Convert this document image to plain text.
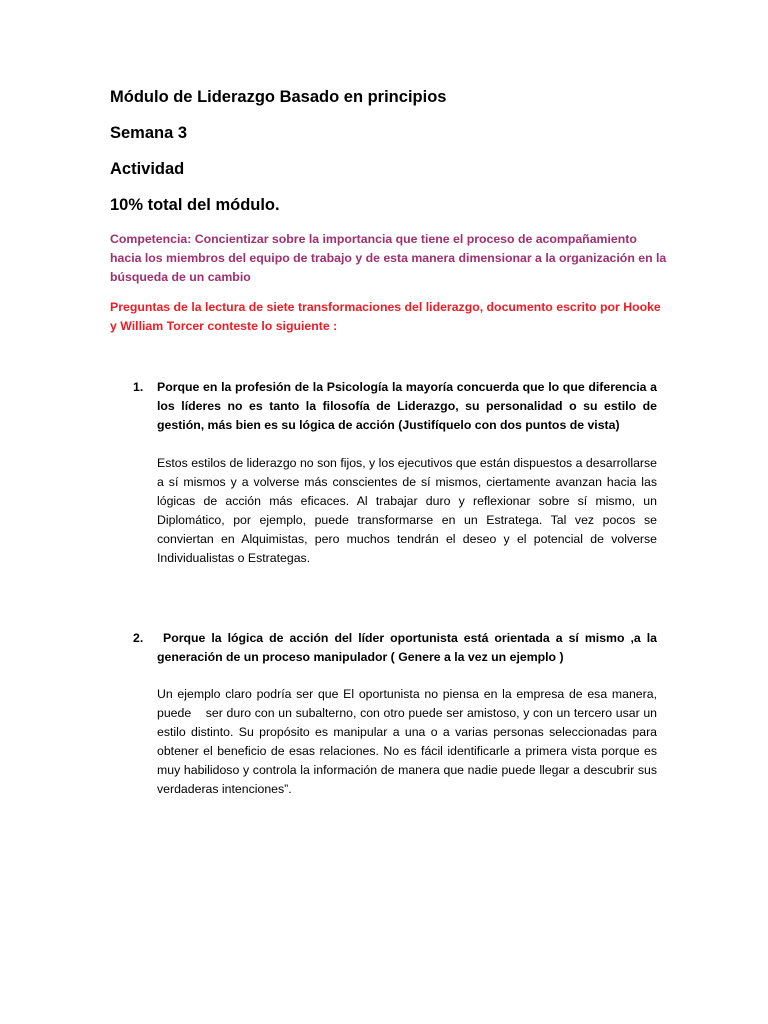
Módulo de Liderazgo Basado en principios

Semana 3

Actividad

10% total del módulo.

Competencia: Concientizar sobre la importancia que tiene el proceso de acompañamiento hacia los miembros del equipo de trabajo y de esta manera dimensionar a la organización en la búsqueda de un cambio

Preguntas de la lectura de siete transformaciones del liderazgo, documento escrito por Hooke y William Torcer conteste lo siguiente :

1. Porque en la profesión de la Psicología la mayoría concuerda que lo que diferencia a los líderes no es tanto la filosofía de Liderazgo, su personalidad o su estilo de gestión, más bien es su lógica de acción (Justifíquelo con dos puntos de vista)

Estos estilos de liderazgo no son fijos, y los ejecutivos que están dispuestos a desarrollarse a sí mismos y a volverse más conscientes de sí mismos, ciertamente avanzan hacia las lógicas de acción más eficaces. Al trabajar duro y reflexionar sobre sí mismo, un Diplomático, por ejemplo, puede transformarse en un Estratega. Tal vez pocos se conviertan en Alquimistas, pero muchos tendrán el deseo y el potencial de volverse Individualistas o Estrategas.

2. Porque la lógica de acción del líder oportunista está orientada a sí mismo ,a la generación de un proceso manipulador ( Genere a la vez un ejemplo )

Un ejemplo claro podría ser que El oportunista no piensa en la empresa de esa manera, puede    ser duro con un subalterno, con otro puede ser amistoso, y con un tercero usar un estilo distinto. Su propósito es manipular a una o a varias personas seleccionadas para obtener el beneficio de esas relaciones. No es fácil identificarle a primera vista porque es muy habilidoso y controla la información de manera que nadie puede llegar a descubrir sus verdaderas intenciones”.
